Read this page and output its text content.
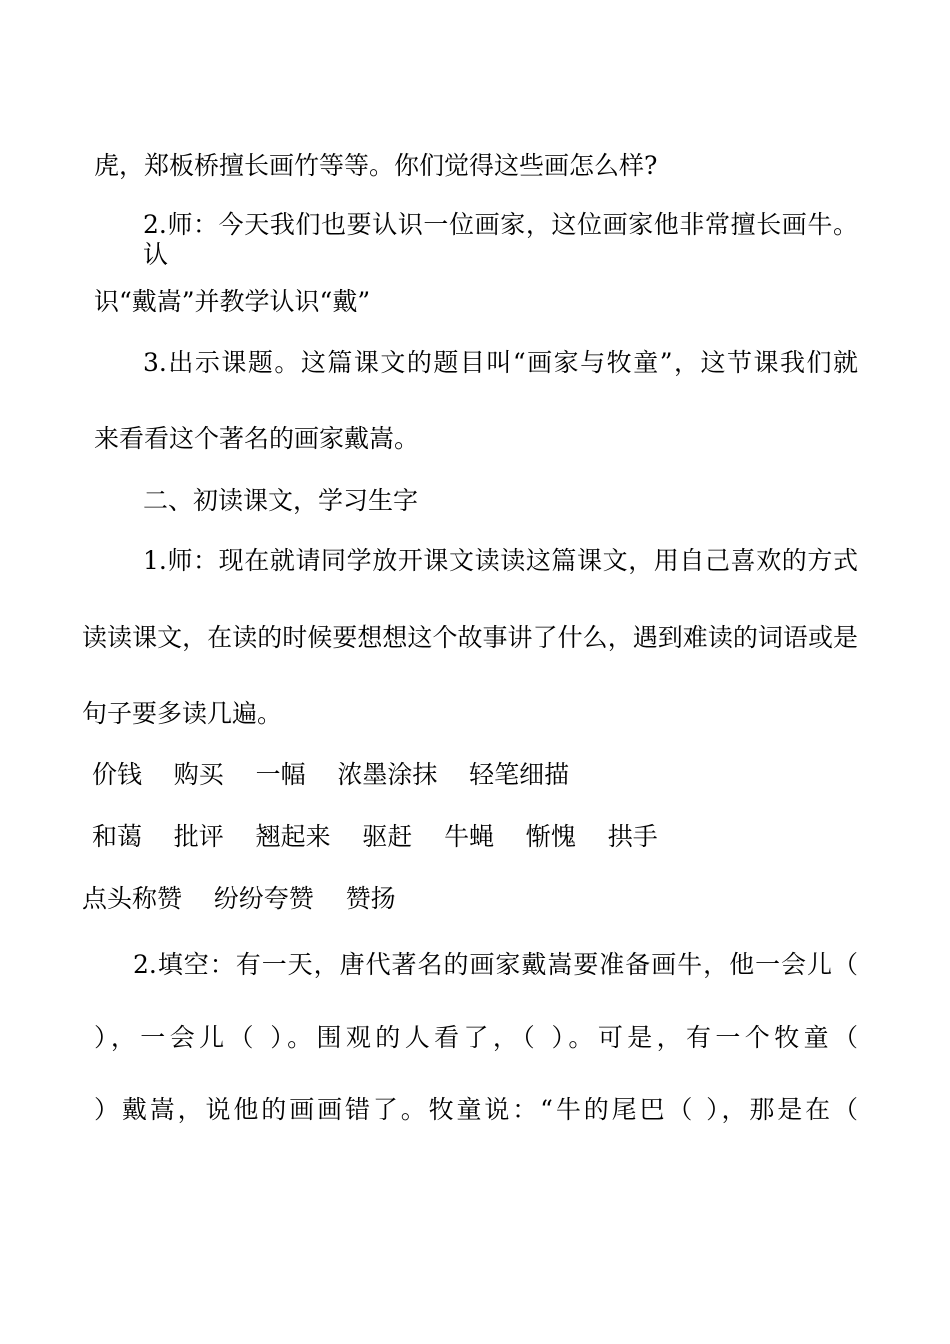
虎，郑板桥擅长画竹等等。你们觉得这些画怎么样?

2.师：今天我们也要认识一位画家，这位画家他非常擅长画牛。认

识“戴嵩”并教学认识“戴”

3.出示课题。这篇课文的题目叫“画家与牧童”，这节课我们就

来看看这个著名的画家戴嵩。

二、初读课文，学习生字

1.师：现在就请同学放开课文读读这篇课文，用自己喜欢的方式

读读课文，在读的时候要想想这个故事讲了什么，遇到难读的词语或是

句子要多读几遍。

价钱    购买    一幅    浓墨涂抹    轻笔细描

和蔼    批评    翘起来    驱赶    牛蝇    惭愧    拱手

点头称赞    纷纷夸赞    赞扬

2.填空：有一天，唐代著名的画家戴嵩要准备画牛，他一会儿（

），一会儿（ ）。围观的人看了，（ ）。可是，有一个牧童（

）戴嵩，说他的画画错了。牧童说：“牛的尾巴（ ），那是在（
